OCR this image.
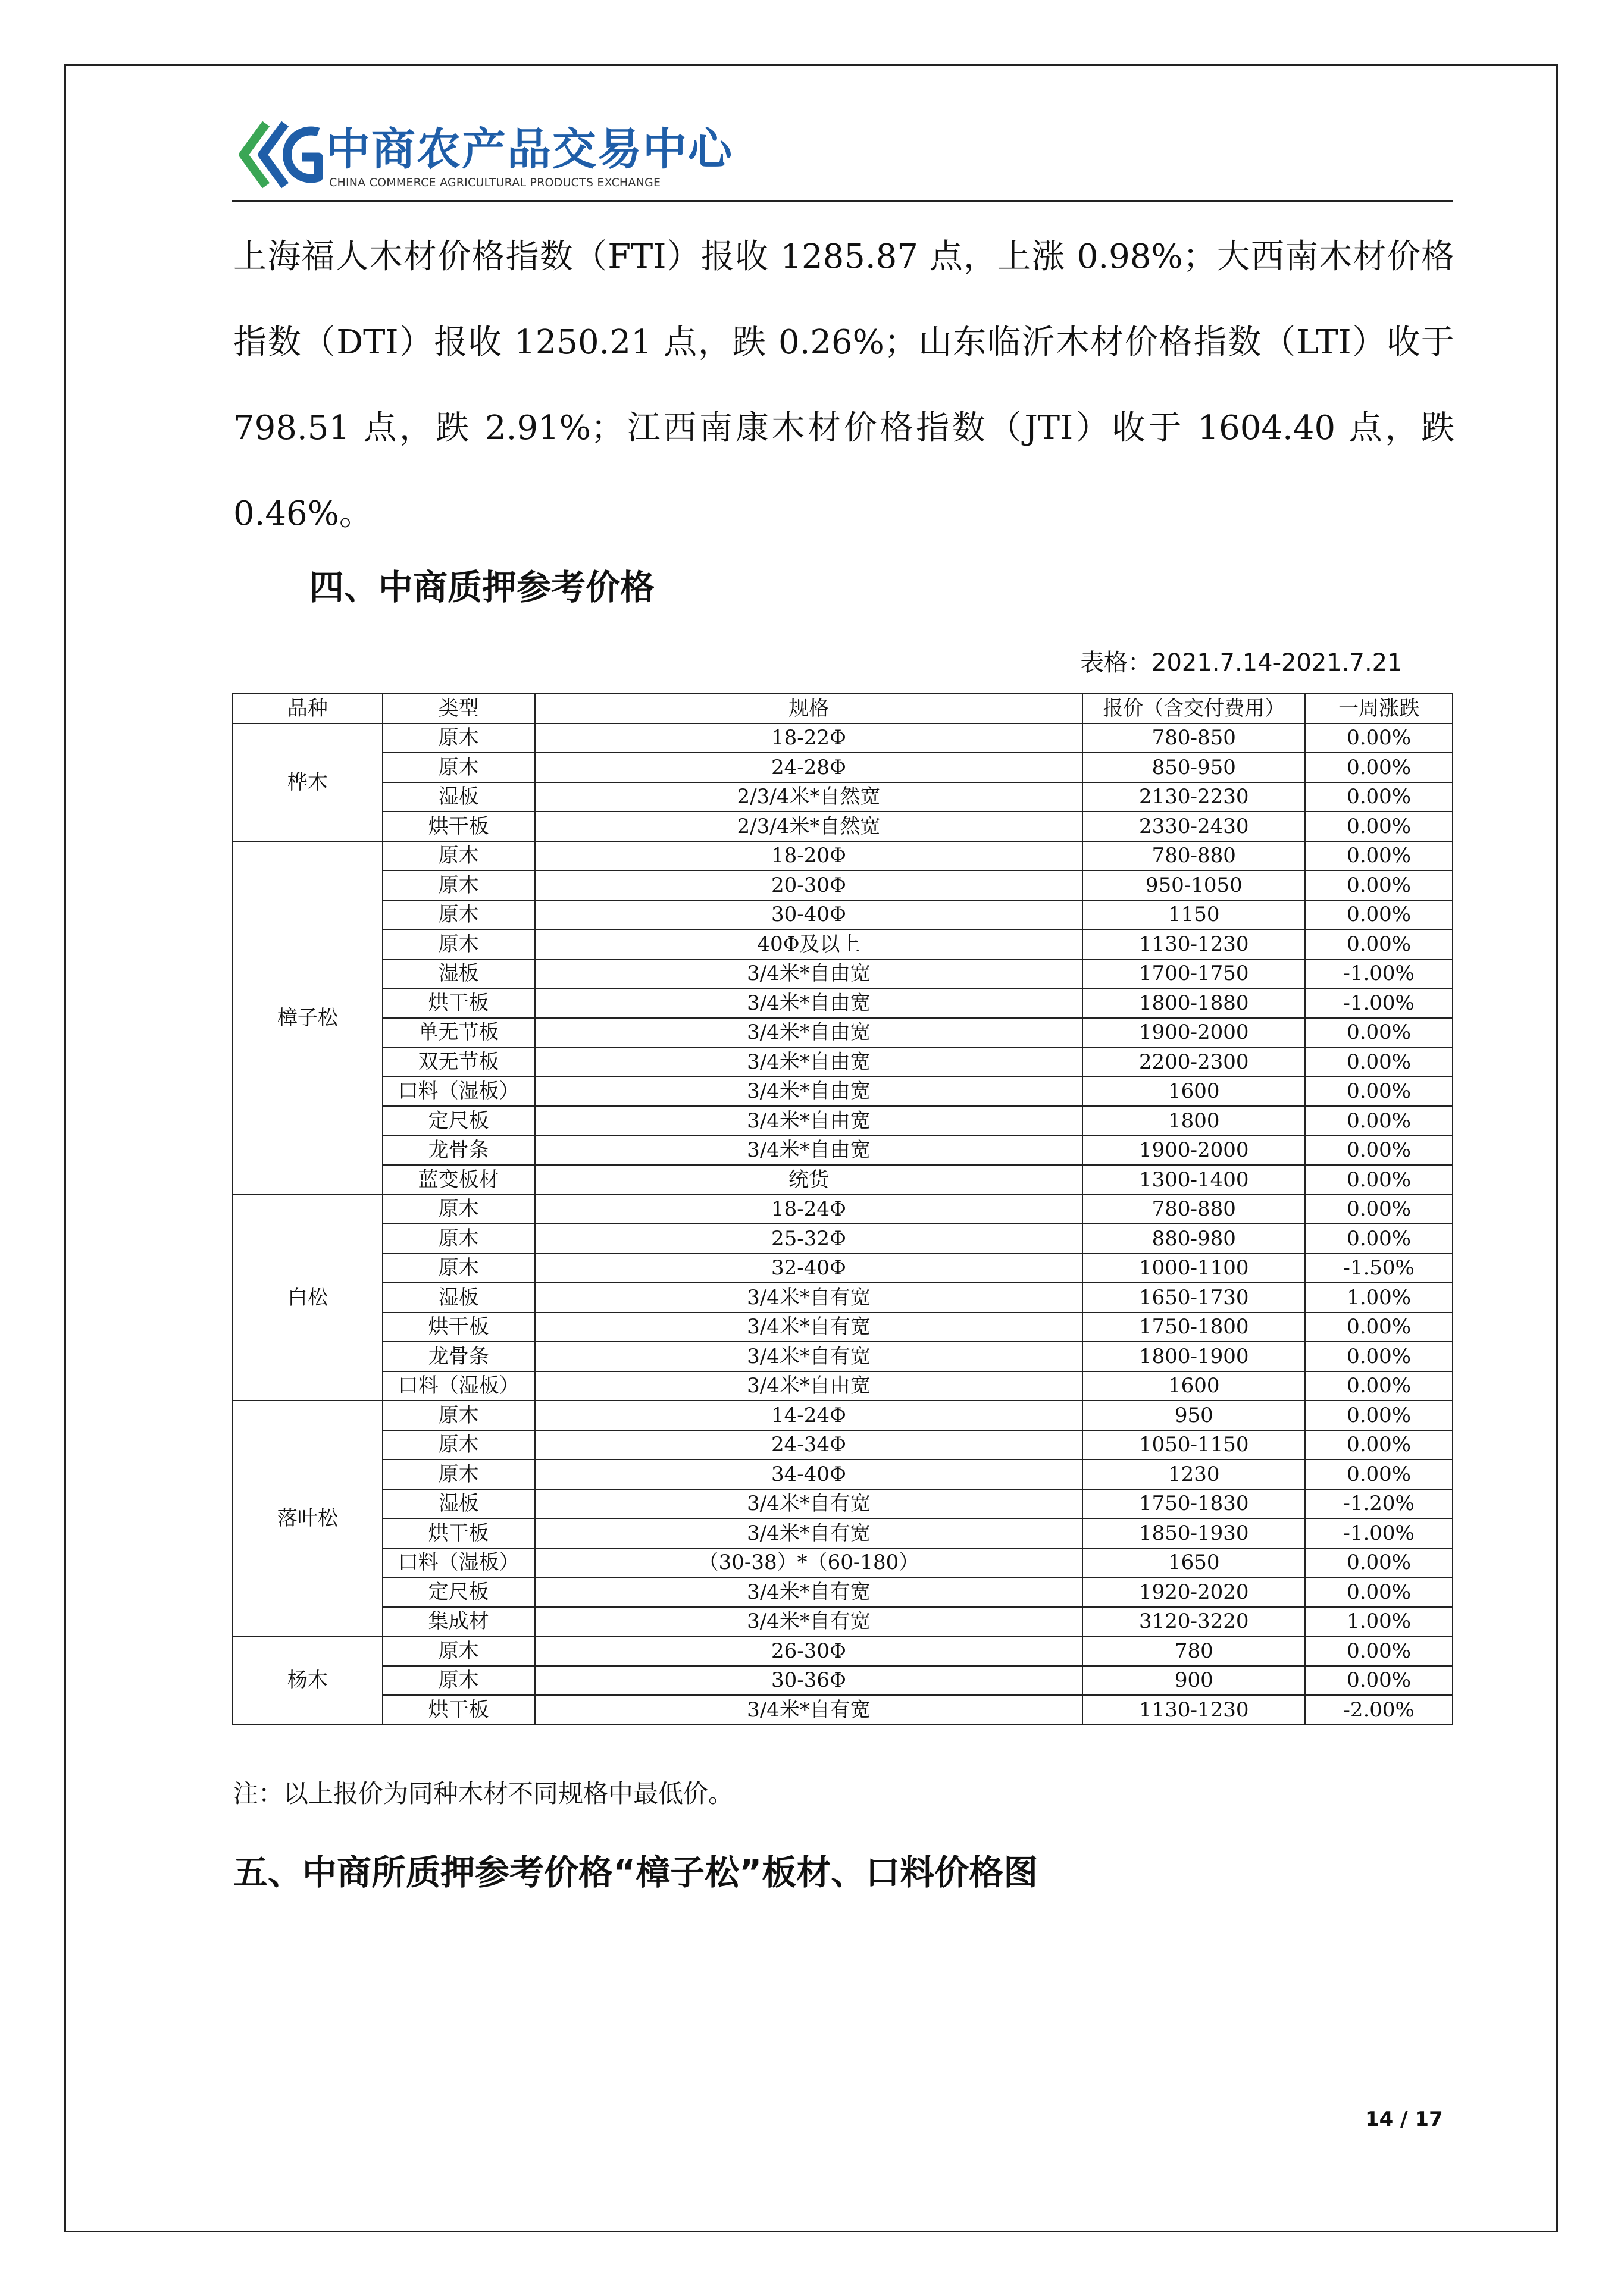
中商农产品交易中心
CHINA COMMERCE AGRICULTURAL PRODUCTS EXCHANGE
上海福人木材价格指数（FTI）报收 1285.87 点，上涨 0.98%；大西南木材价格指数（DTI）报收 1250.21 点，跌 0.26%；山东临沂木材价格指数（LTI）收于 798.51 点，跌 2.91%；江西南康木材价格指数（JTI）收于 1604.40 点，跌 0.46%。
四、中商质押参考价格
表格：2021.7.14-2021.7.21
品种	类型	规格	报价（含交付费用）	一周涨跌
桦木	原木	18-22Φ	780-850	0.00%
	原木	24-28Φ	850-950	0.00%
	湿板	2/3/4米*自然宽	2130-2230	0.00%
	烘干板	2/3/4米*自然宽	2330-2430	0.00%
樟子松	原木	18-20Φ	780-880	0.00%
	原木	20-30Φ	950-1050	0.00%
	原木	30-40Φ	1150	0.00%
	原木	40Φ及以上	1130-1230	0.00%
	湿板	3/4米*自由宽	1700-1750	-1.00%
	烘干板	3/4米*自由宽	1800-1880	-1.00%
	单无节板	3/4米*自由宽	1900-2000	0.00%
	双无节板	3/4米*自由宽	2200-2300	0.00%
	口料（湿板）	3/4米*自由宽	1600	0.00%
	定尺板	3/4米*自由宽	1800	0.00%
	龙骨条	3/4米*自由宽	1900-2000	0.00%
	蓝变板材	统货	1300-1400	0.00%
白松	原木	18-24Φ	780-880	0.00%
	原木	25-32Φ	880-980	0.00%
	原木	32-40Φ	1000-1100	-1.50%
	湿板	3/4米*自有宽	1650-1730	1.00%
	烘干板	3/4米*自有宽	1750-1800	0.00%
	龙骨条	3/4米*自有宽	1800-1900	0.00%
	口料（湿板）	3/4米*自由宽	1600	0.00%
落叶松	原木	14-24Φ	950	0.00%
	原木	24-34Φ	1050-1150	0.00%
	原木	34-40Φ	1230	0.00%
	湿板	3/4米*自有宽	1750-1830	-1.20%
	烘干板	3/4米*自有宽	1850-1930	-1.00%
	口料（湿板）	（30-38）*（60-180）	1650	0.00%
	定尺板	3/4米*自有宽	1920-2020	0.00%
	集成材	3/4米*自有宽	3120-3220	1.00%
杨木	原木	26-30Φ	780	0.00%
	原木	30-36Φ	900	0.00%
	烘干板	3/4米*自有宽	1130-1230	-2.00%
注：以上报价为同种木材不同规格中最低价。
五、中商所质押参考价格“樟子松”板材、口料价格图
14 / 17
